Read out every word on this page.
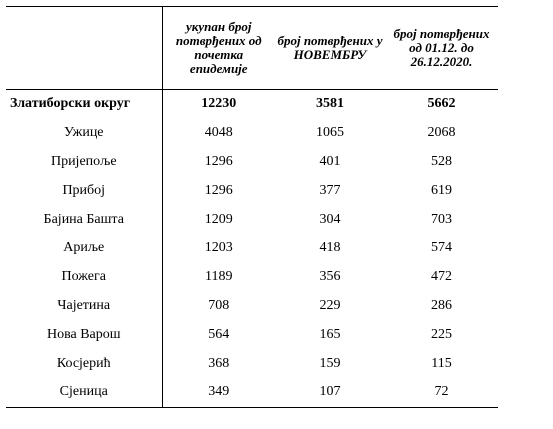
	укупан број потврђених од почетка епидемије	број потврђених у НОВЕМБРУ	број потврђених од 01.12. до 26.12.2020.
Златиборски округ	12230	3581	5662
Ужице	4048	1065	2068
Пријепоље	1296	401	528
Прибој	1296	377	619
Бајина Башта	1209	304	703
Ариље	1203	418	574
Пожега	1189	356	472
Чајетина	708	229	286
Нова Варош	564	165	225
Косјерић	368	159	115
Сјеница	349	107	72
